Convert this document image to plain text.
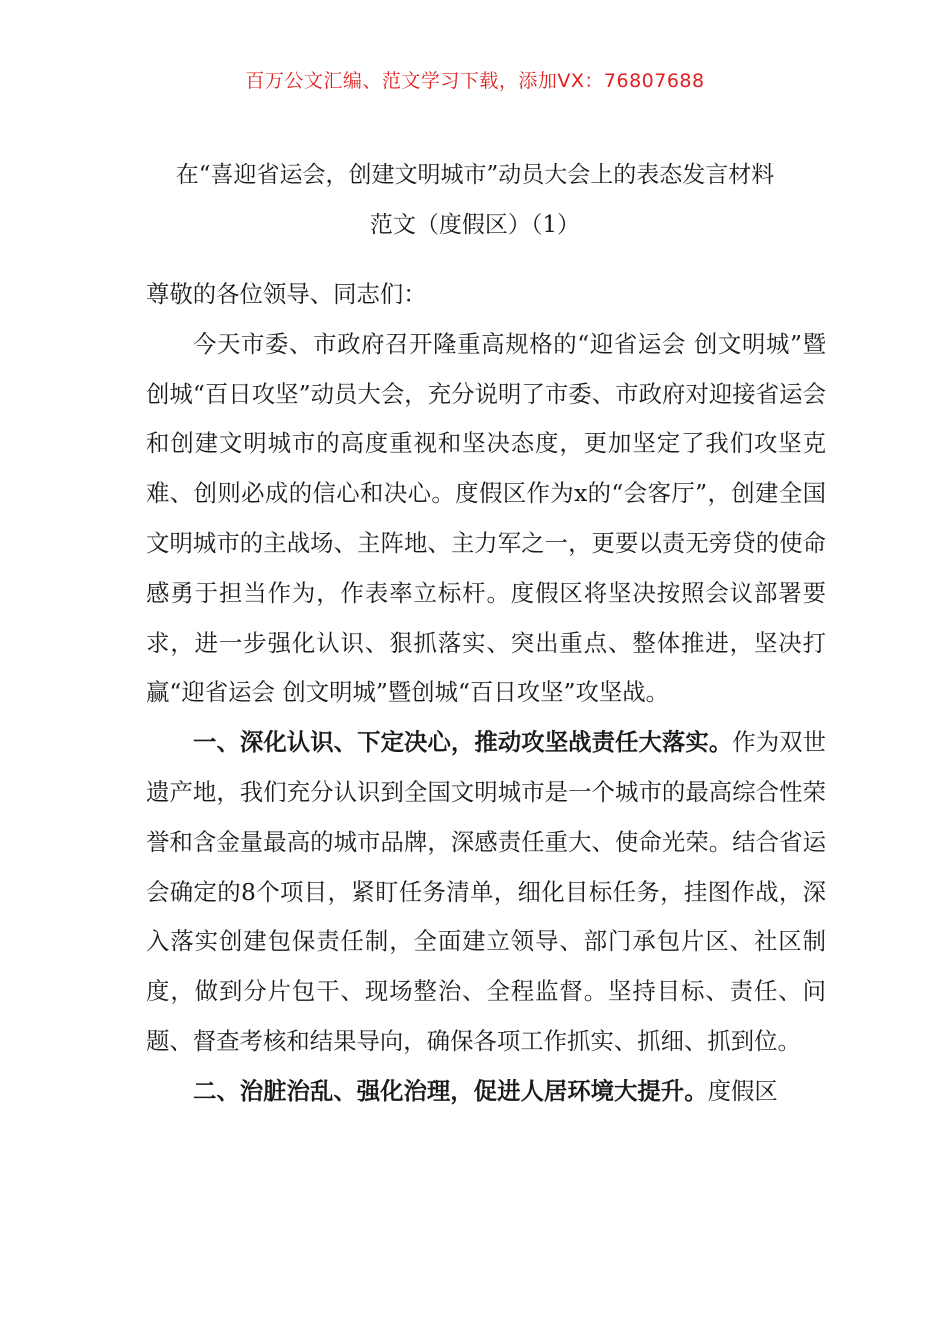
百万公文汇编、范文学习下载，添加VX：76807688
在“喜迎省运会，创建文明城市”动员大会上的表态发言材料
范文（度假区）（1）

尊敬的各位领导、同志们：

今天市委、市政府召开隆重高规格的“迎省运会 创文明城”暨创城“百日攻坚”动员大会，充分说明了市委、市政府对迎接省运会和创建文明城市的高度重视和坚决态度，更加坚定了我们攻坚克难、创则必成的信心和决心。度假区作为x的“会客厅”，创建全国文明城市的主战场、主阵地、主力军之一，更要以责无旁贷的使命感勇于担当作为，作表率立标杆。度假区将坚决按照会议部署要求，进一步强化认识、狠抓落实、突出重点、整体推进，坚决打赢“迎省运会 创文明城”暨创城“百日攻坚”攻坚战。

一、深化认识、下定决心，推动攻坚战责任大落实。作为双世遗产地，我们充分认识到全国文明城市是一个城市的最高综合性荣誉和含金量最高的城市品牌，深感责任重大、使命光荣。结合省运会确定的8个项目，紧盯任务清单，细化目标任务，挂图作战，深入落实创建包保责任制，全面建立领导、部门承包片区、社区制度，做到分片包干、现场整治、全程监督。坚持目标、责任、问题、督查考核和结果导向，确保各项工作抓实、抓细、抓到位。

二、治脏治乱、强化治理，促进人居环境大提升。度假区
